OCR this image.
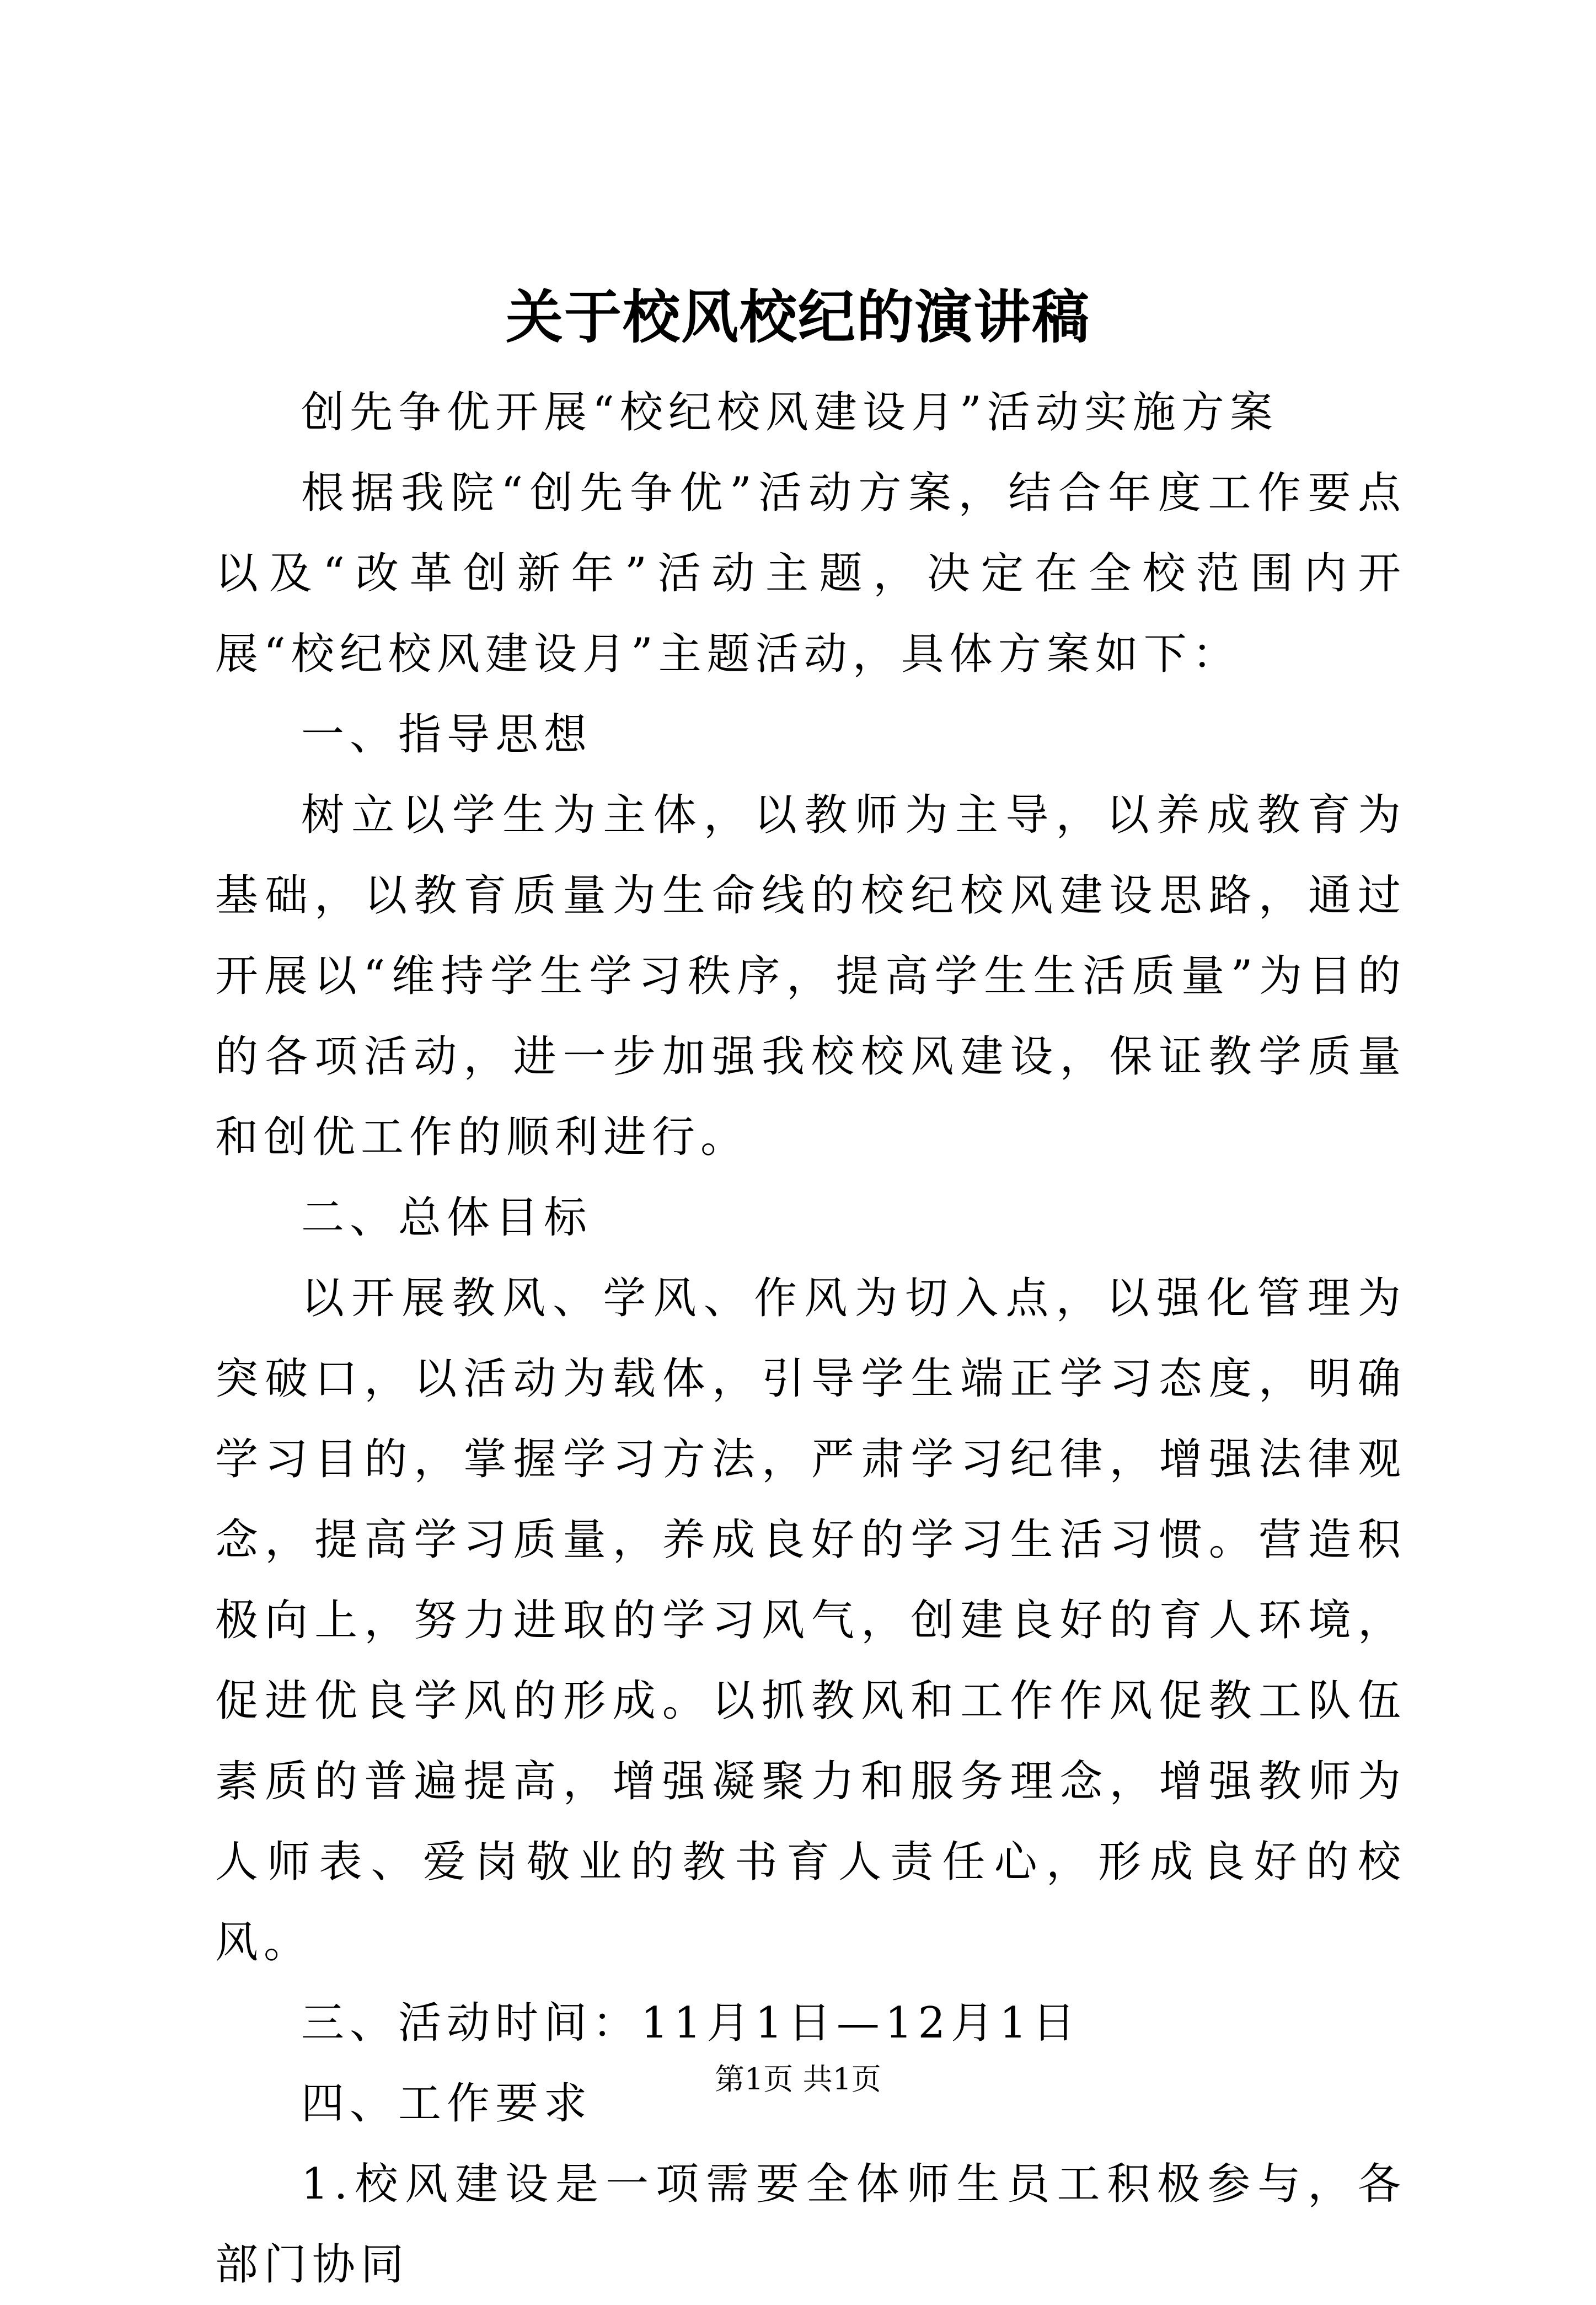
关于校风校纪的演讲稿

创先争优开展“校纪校风建设月”活动实施方案

根据我院“创先争优”活动方案，结合年度工作要点以及“改革创新年”活动主题，决定在全校范围内开展“校纪校风建设月”主题活动，具体方案如下：

一、指导思想

树立以学生为主体，以教师为主导，以养成教育为基础，以教育质量为生命线的校纪校风建设思路，通过开展以“维持学生学习秩序，提高学生生活质量”为目的的各项活动，进一步加强我校校风建设，保证教学质量和创优工作的顺利进行。

二、总体目标

以开展教风、学风、作风为切入点，以强化管理为突破口，以活动为载体，引导学生端正学习态度，明确学习目的，掌握学习方法，严肃学习纪律，增强法律观念，提高学习质量，养成良好的学习生活习惯。营造积极向上，努力进取的学习风气，创建良好的育人环境，促进优良学风的形成。以抓教风和工作作风促教工队伍素质的普遍提高，增强凝聚力和服务理念，增强教师为人师表、爱岗敬业的教书育人责任心，形成良好的校风。

三、活动时间：11月1日—12月1日

四、工作要求

1.校风建设是一项需要全体师生员工积极参与，各部门协同

第1页 共1页
